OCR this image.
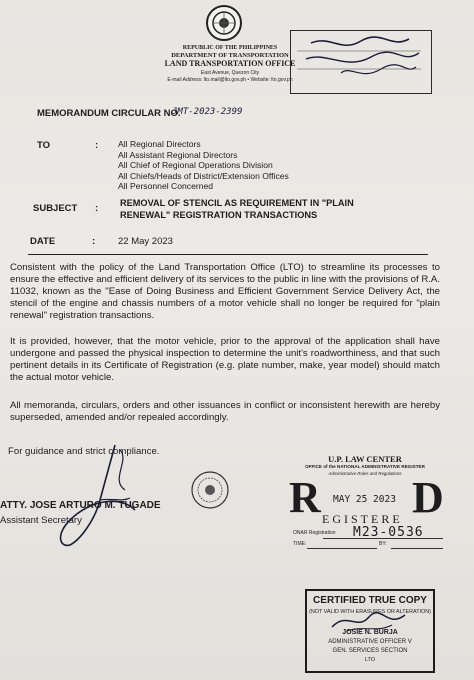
REPUBLIC OF THE PHILIPPINES
DEPARTMENT OF TRANSPORTATION
LAND TRANSPORTATION OFFICE
East Avenue, Quezon City
E-mail Address: lto.mail@lto.gov.ph • Website: lto.gov.ph
MEMORANDUM CIRCULAR NO.
JMT-2023-2399
TO	: All Regional Directors
All Assistant Regional Directors
All Chief of Regional Operations Division
All Chiefs/Heads of District/Extension Offices
All Personnel Concerned
SUBJECT : REMOVAL OF STENCIL AS REQUIREMENT IN "PLAIN
RENEWAL" REGISTRATION TRANSACTIONS
DATE	: 22 May 2023
Consistent with the policy of the Land Transportation Office (LTO) to streamline its processes to ensure the effective and efficient delivery of its services to the public in line with the provisions of R.A. 11032, known as the "Ease of Doing Business and Efficient Government Service Delivery Act, the stencil of the engine and chassis numbers of a motor vehicle shall no longer be required for "plain renewal" registration transactions.
It is provided, however, that the motor vehicle, prior to the approval of the application shall have undergone and passed the physical inspection to determine the unit's roadworthiness, and that such pertinent details in its Certificate of Registration (e.g. plate number, make, year model) should match the actual motor vehicle.
All memoranda, circulars, orders and other issuances in conflict or inconsistent herewith are hereby superseded, amended and/or repealed accordingly.
For guidance and strict compliance.
ATTY. JOSE ARTURO M. TUGADE
Assistant Secretary
U.P. LAW CENTER
OFFICE of the NATIONAL ADMINISTRATIVE REGISTER
Administrative Rules and Regulations
R D
MAY 25 2023
EGISTERE
ONAR Registration M23-0536
TIME:	BY:
CERTIFIED TRUE COPY
(NOT VALID WITH ERASURES OR ALTERATION)
JOSIE N. BURJA
ADMINISTRATIVE OFFICER V
GEN. SERVICES SECTION
LTO
